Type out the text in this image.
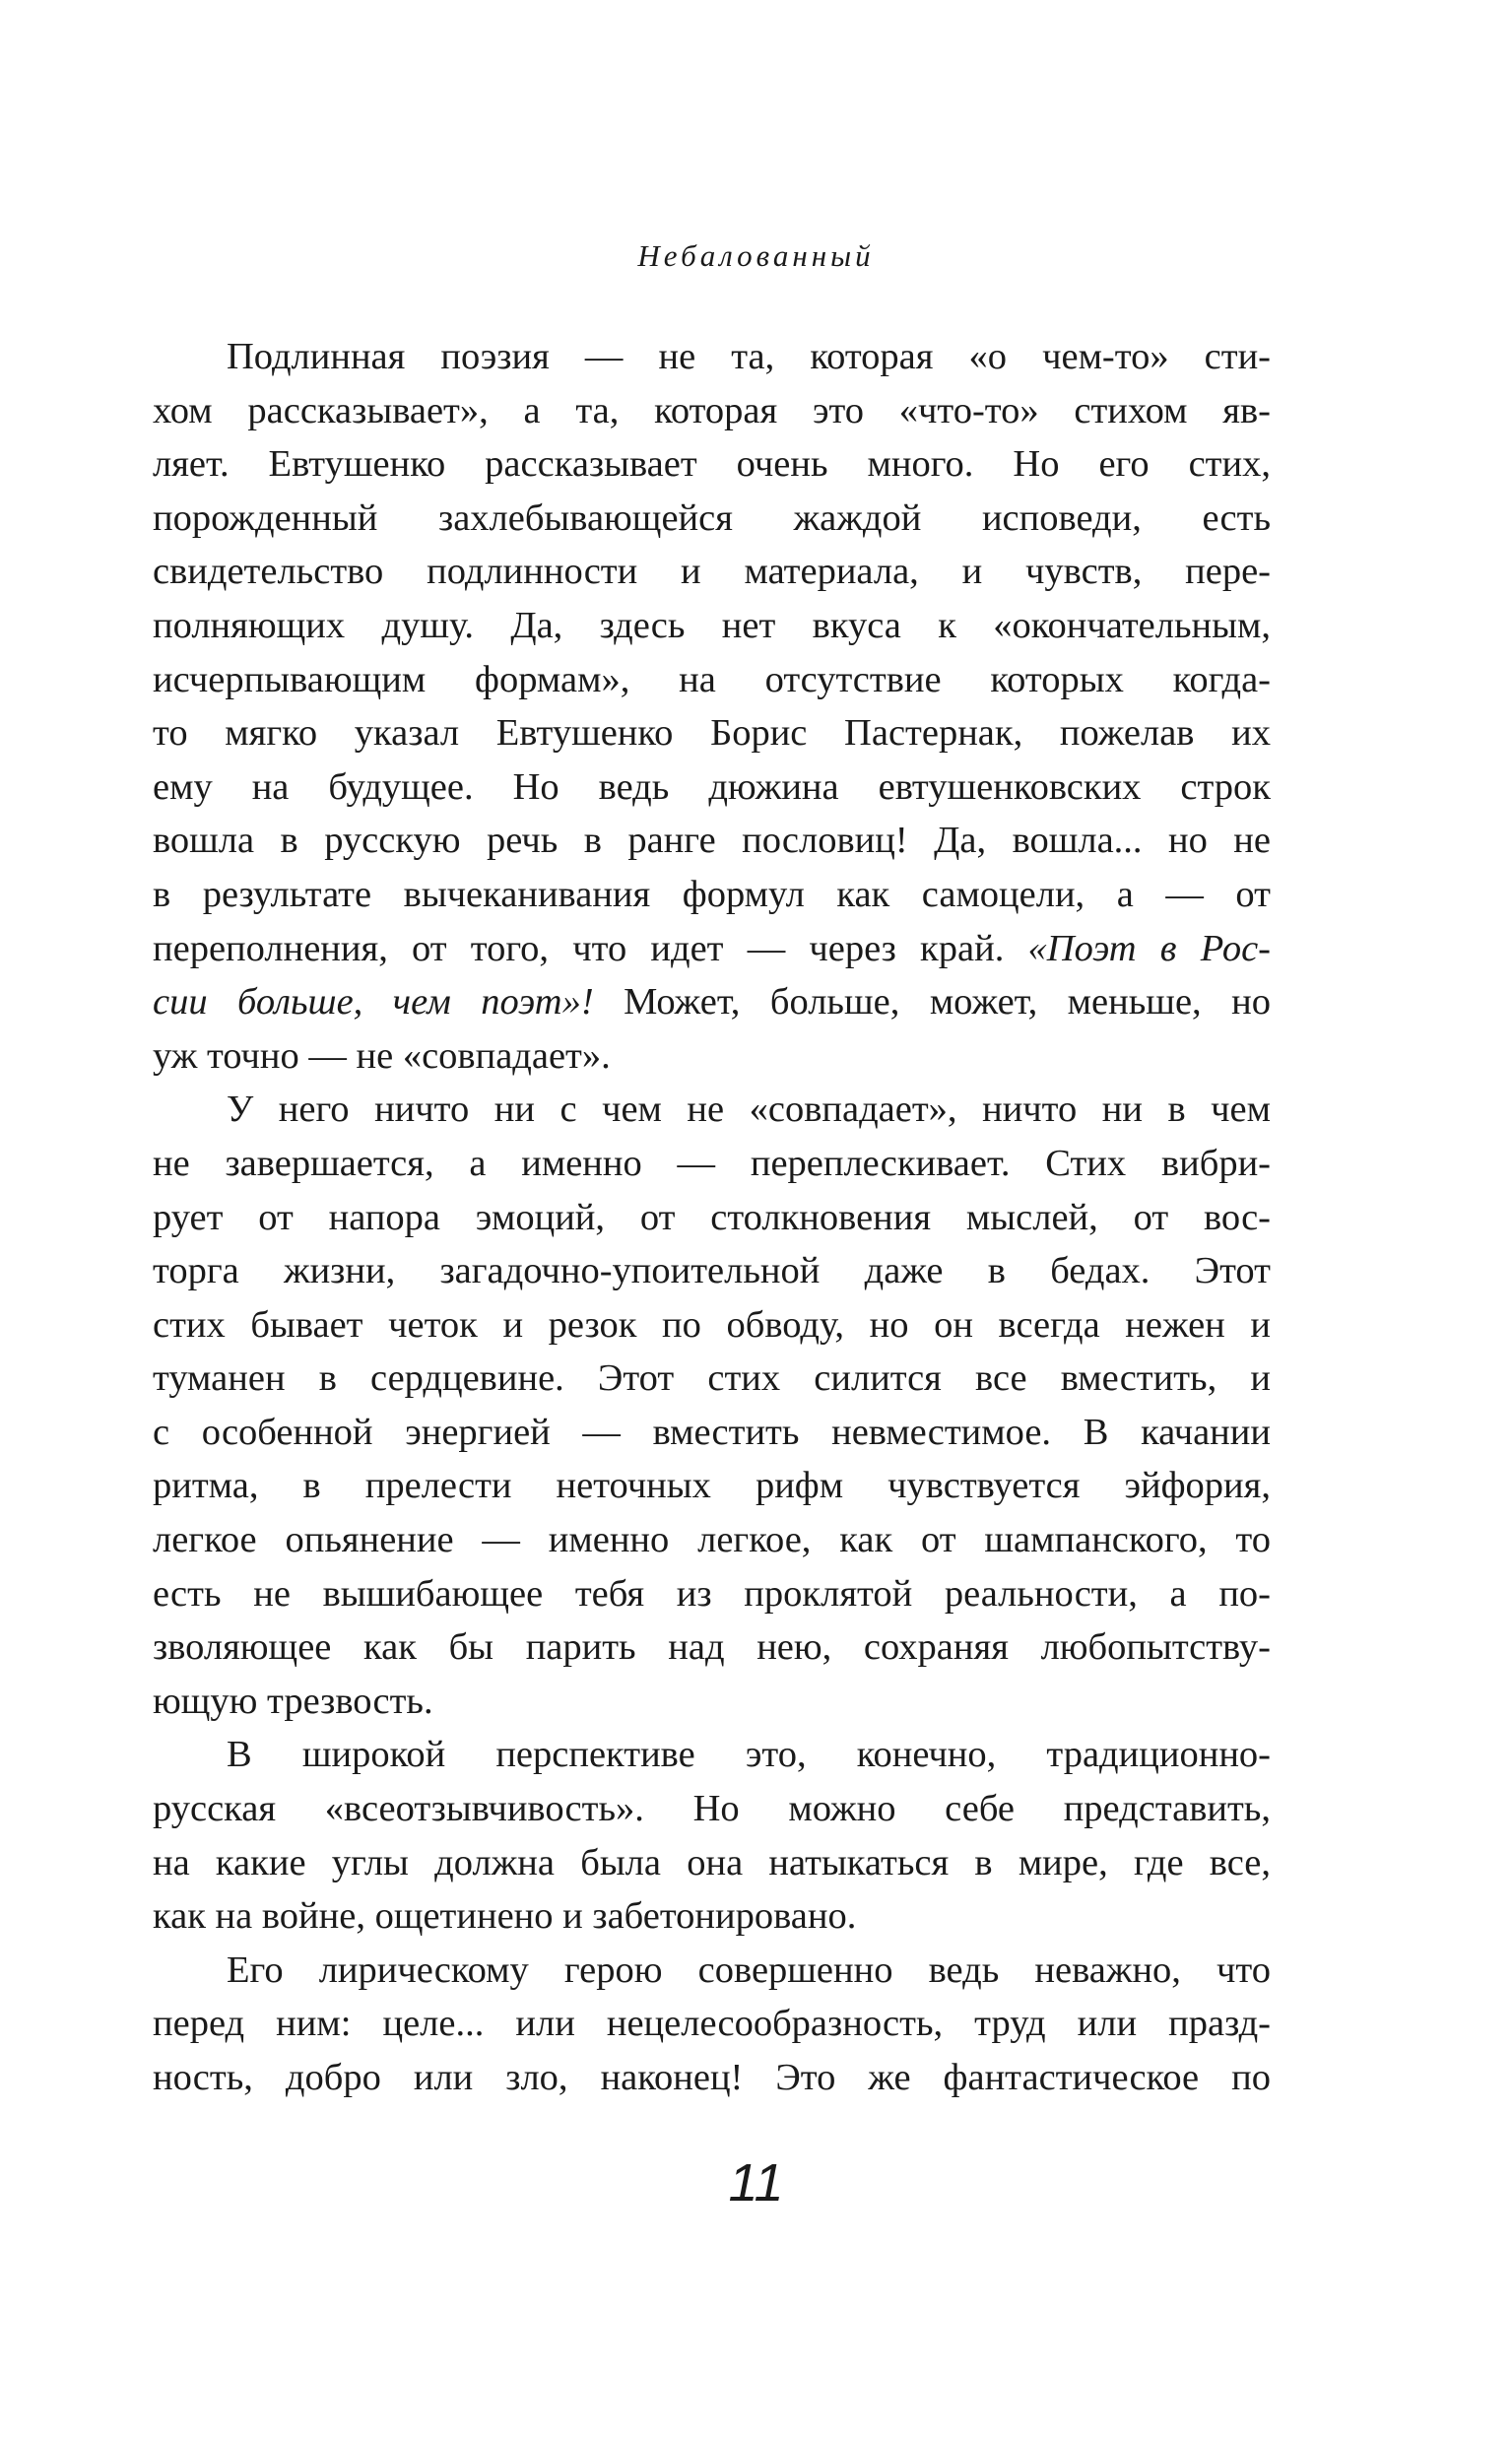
Небалованный
Подлинная поэзия — не та, которая «о чем-то» сти-
хом рассказывает», а та, которая это «что-то» стихом яв-
ляет. Евтушенко рассказывает очень много. Но его стих,
порожденный захлебывающейся жаждой исповеди, есть
свидетельство подлинности и материала, и чувств, пере-
полняющих душу. Да, здесь нет вкуса к «окончательным,
исчерпывающим формам», на отсутствие которых когда-
то мягко указал Евтушенко Борис Пастернак, пожелав их
ему на будущее. Но ведь дюжина евтушенковских строк
вошла в русскую речь в ранге пословиц! Да, вошла... но не
в результате вычеканивания формул как самоцели, а — от
переполнения, от того, что идет — через край. «Поэт в Рос-
сии больше, чем поэт»! Может, больше, может, меньше, но
уж точно — не «совпадает».
У него ничто ни с чем не «совпадает», ничто ни в чем
не завершается, а именно — переплескивает. Стих вибри-
рует от напора эмоций, от столкновения мыслей, от вос-
торга жизни, загадочно-упоительной даже в бедах. Этот
стих бывает четок и резок по обводу, но он всегда нежен и
туманен в сердцевине. Этот стих силится все вместить, и
с особенной энергией — вместить невместимое. В качании
ритма, в прелести неточных рифм чувствуется эйфория,
легкое опьянение — именно легкое, как от шампанского, то
есть не вышибающее тебя из проклятой реальности, а по-
зволяющее как бы парить над нею, сохраняя любопытству-
ющую трезвость.
В широкой перспективе это, конечно, традиционно-
русская «всеотзывчивость». Но можно себе представить,
на какие углы должна была она натыкаться в мире, где все,
как на войне, ощетинено и забетонировано.
Его лирическому герою совершенно ведь неважно, что
перед ним: целе... или нецелесообразность, труд или празд-
ность, добро или зло, наконец! Это же фантастическое по
11
